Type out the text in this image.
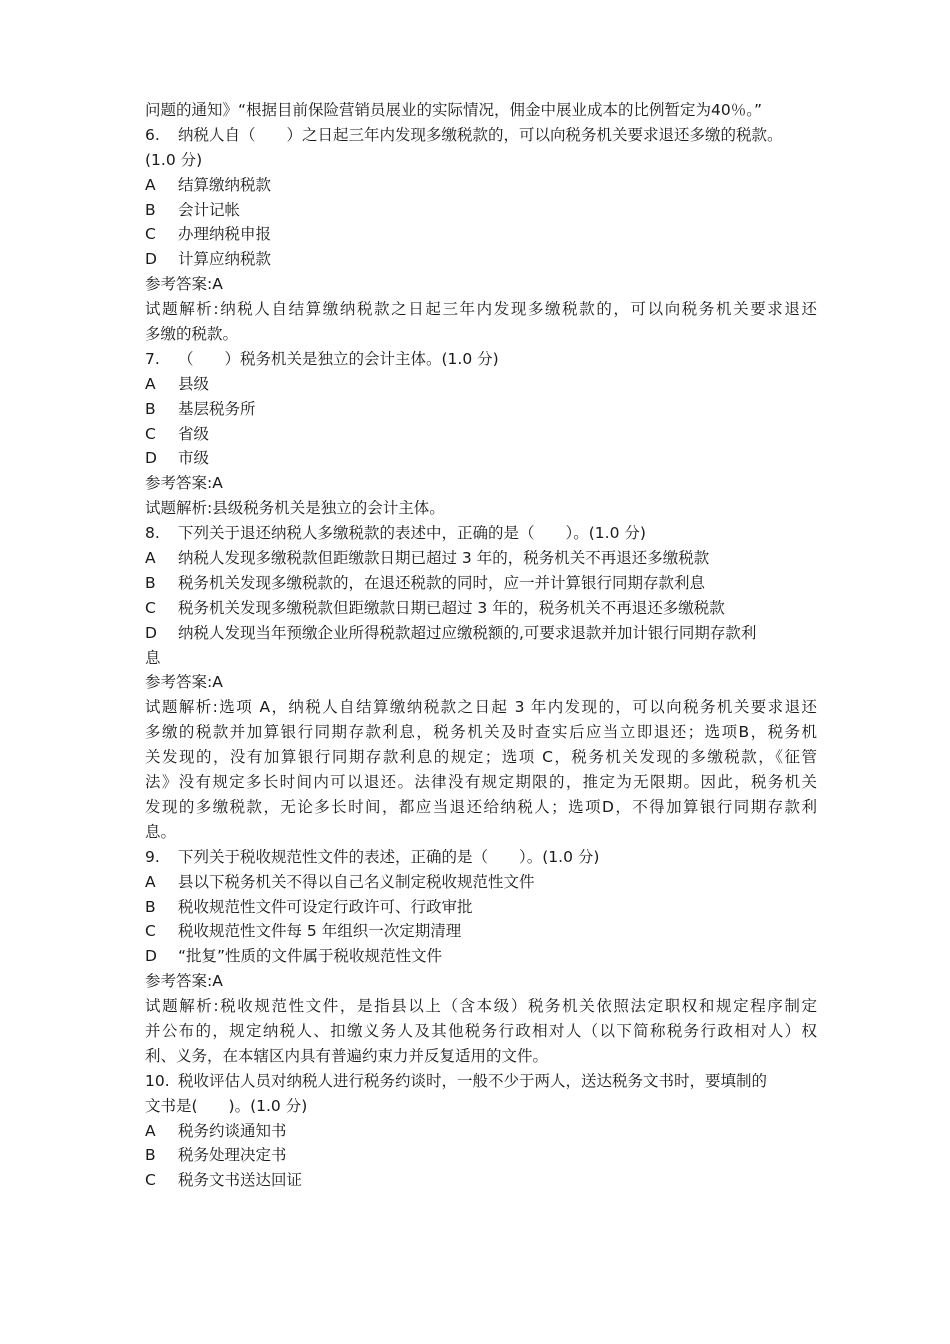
问题的通知》“根据目前保险营销员展业的实际情况，佣金中展业成本的比例暂定为40％。”
6.	纳税人自（　　）之日起三年内发现多缴税款的，可以向税务机关要求退还多缴的税款。
(1.0 分)
A	结算缴纳税款
B	会计记帐
C	办理纳税申报
D	计算应纳税款
参考答案:A
试题解析:纳税人自结算缴纳税款之日起三年内发现多缴税款的，可以向税务机关要求退还
多缴的税款。
7.	（　　）税务机关是独立的会计主体。(1.0 分)
A	县级
B	基层税务所
C	省级
D	市级
参考答案:A
试题解析:县级税务机关是独立的会计主体。
8.	下列关于退还纳税人多缴税款的表述中，正确的是（　　）。(1.0 分)
A	纳税人发现多缴税款但距缴款日期已超过 3 年的，税务机关不再退还多缴税款
B	税务机关发现多缴税款的，在退还税款的同时，应一并计算银行同期存款利息
C	税务机关发现多缴税款但距缴款日期已超过 3 年的，税务机关不再退还多缴税款
D	纳税人发现当年预缴企业所得税款超过应缴税额的,可要求退款并加计银行同期存款利
息
参考答案:A
试题解析:选项 A，纳税人自结算缴纳税款之日起 3 年内发现的，可以向税务机关要求退还
多缴的税款并加算银行同期存款利息，税务机关及时查实后应当立即退还；选项B，税务机
关发现的，没有加算银行同期存款利息的规定；选项 C，税务机关发现的多缴税款，《征管
法》没有规定多长时间内可以退还。法律没有规定期限的，推定为无限期。因此，税务机关
发现的多缴税款，无论多长时间，都应当退还给纳税人；选项D，不得加算银行同期存款利
息。
9.	下列关于税收规范性文件的表述，正确的是（　　）。(1.0 分)
A	县以下税务机关不得以自己名义制定税收规范性文件
B	税收规范性文件可设定行政许可、行政审批
C	税收规范性文件每 5 年组织一次定期清理
D	“批复”性质的文件属于税收规范性文件
参考答案:A
试题解析:税收规范性文件，是指县以上（含本级）税务机关依照法定职权和规定程序制定
并公布的，规定纳税人、扣缴义务人及其他税务行政相对人（以下简称税务行政相对人）权
利、义务，在本辖区内具有普遍约束力并反复适用的文件。
10. 税收评估人员对纳税人进行税务约谈时，一般不少于两人，送达税务文书时，要填制的
文书是(　　)。(1.0 分)
A	税务约谈通知书
B	税务处理决定书
C	税务文书送达回证
